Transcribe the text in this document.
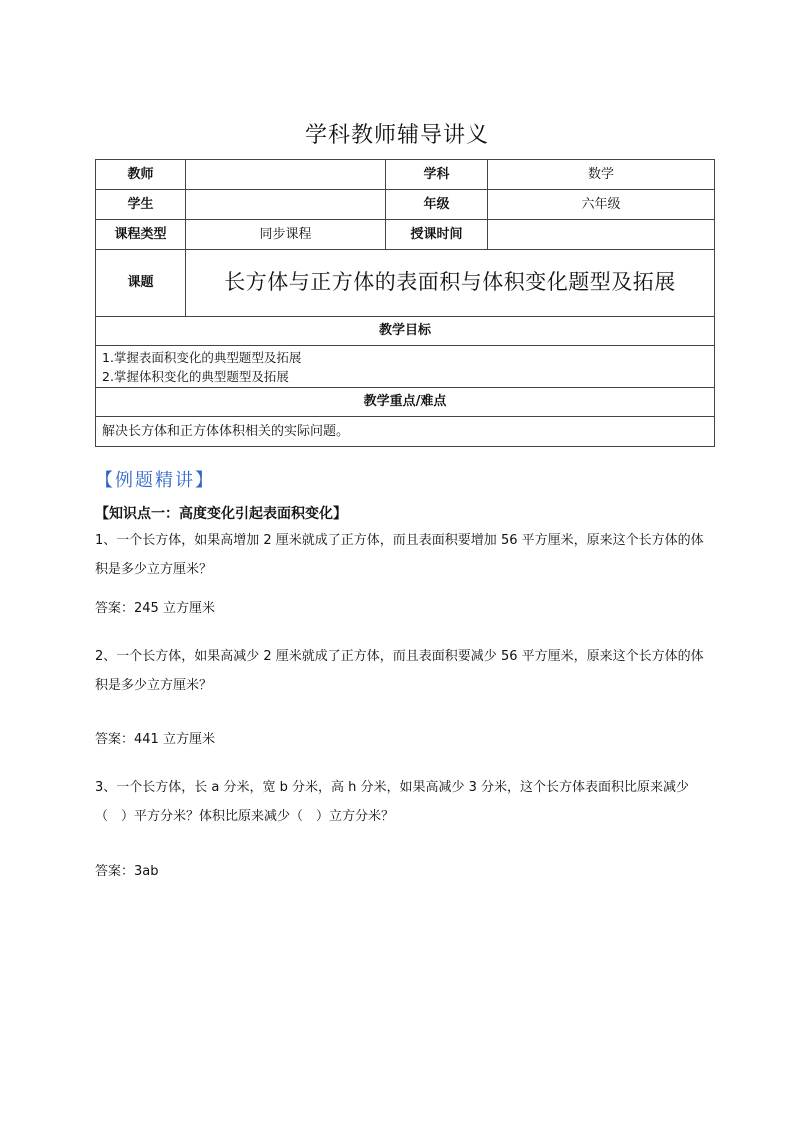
学科教师辅导讲义
教师		学科	数学
学生		年级	六年级
课程类型	同步课程	授课时间	
课题	长方体与正方体的表面积与体积变化题型及拓展		
教学目标			

1.掌握表面积变化的典型题型及拓展
2.掌握体积变化的典型题型及拓展			

教学重点/难点			
解决长方体和正方体体积相关的实际问题。			
【例题精讲】
【知识点一：高度变化引起表面积变化】
1、一个长方体，如果高增加 2 厘米就成了正方体，而且表面积要增加 56 平方厘米，原来这个长方体的体积是多少立方厘米？
答案：245 立方厘米
2、一个长方体，如果高减少 2 厘米就成了正方体，而且表面积要减少 56 平方厘米，原来这个长方体的体积是多少立方厘米？
答案：441 立方厘米
3、一个长方体，长 a 分米，宽 b 分米，高 h 分米，如果高减少 3 分米，这个长方体表面积比原来减少（　）平方分米？体积比原来减少（　）立方分米？
答案：3ab
